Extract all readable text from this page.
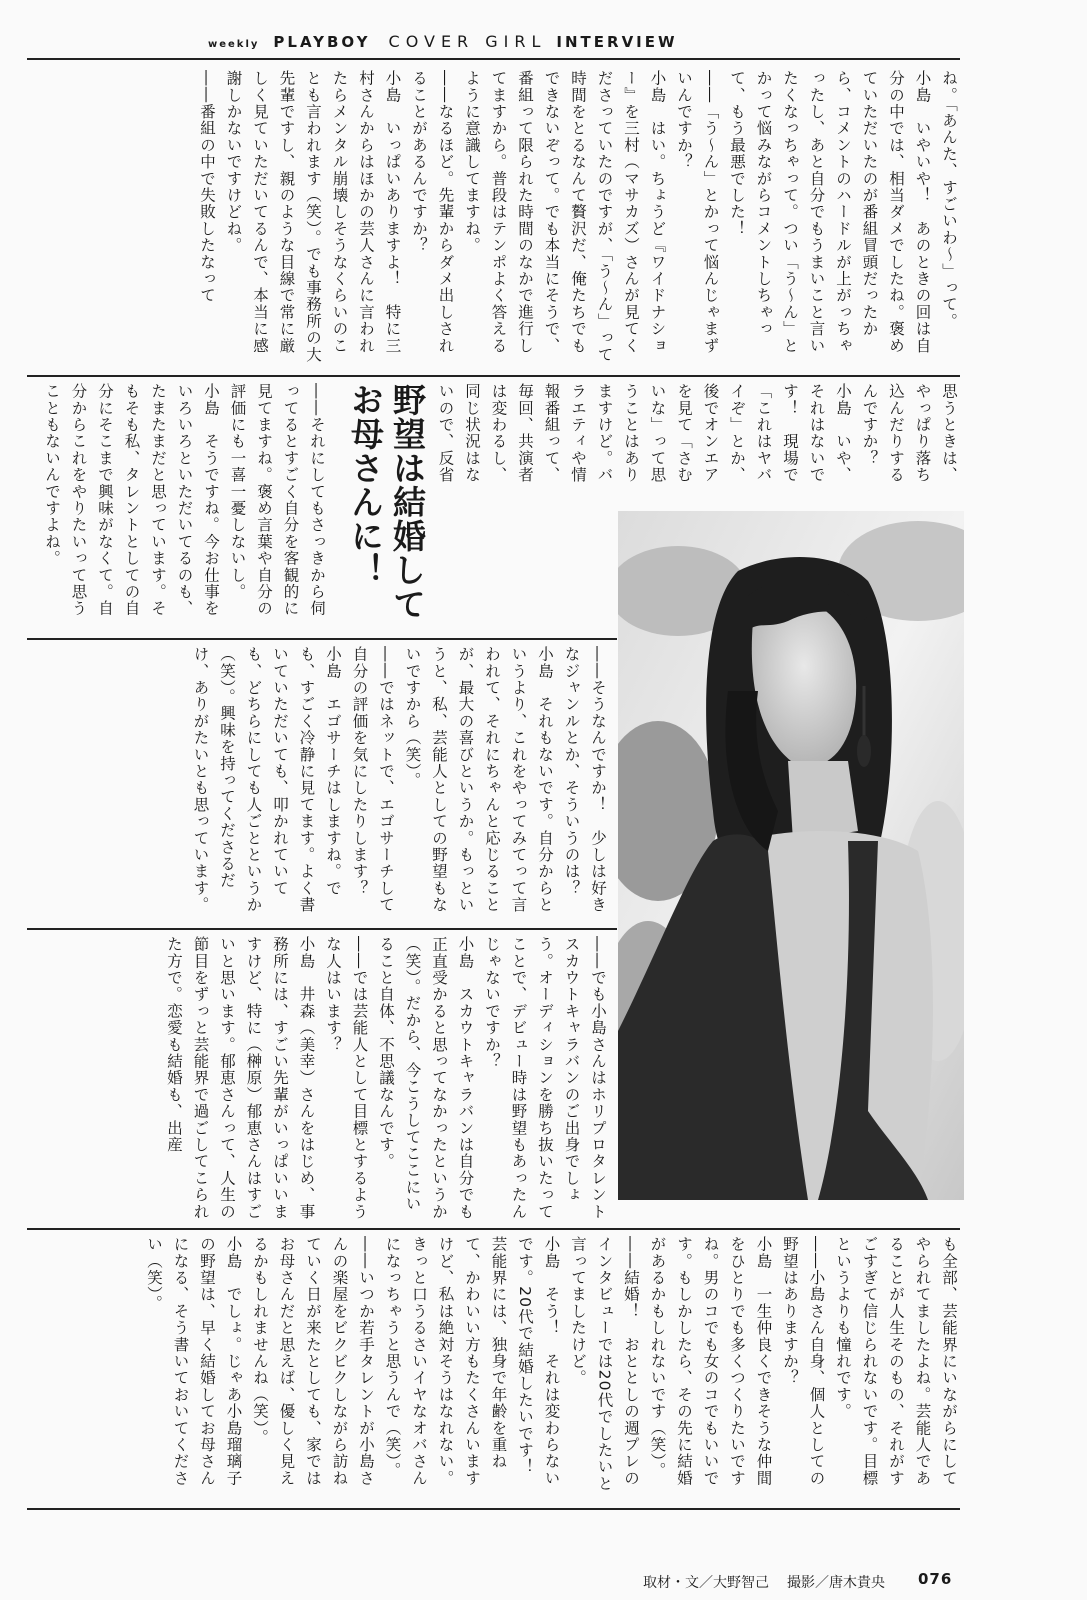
weekly PLAYBOY COVER GIRL INTERVIEW

ね。「あんた、すごいわ～」って。
小島　いやいや！　あのときの回は自分の中では、相当ダメでしたね。褒めていただいたのが番組冒頭だったから、コメントのハードルが上がっちゃったし、あと自分でもうまいこと言いたくなっちゃって。つい「う～ん」とかって悩みながらコメントしちゃって、もう最悪でした！
――「う～ん」とかって悩んじゃまずいんですか？
小島　はい。ちょうど『ワイドナショー』を三村（マサカズ）さんが見てくださっていたのですが、「う～ん」って時間をとるなんて贅沢だ、俺たちでもできないぞって。でも本当にそうで、番組って限られた時間のなかで進行してますから。普段はテンポよく答えるように意識してますね。
――なるほど。先輩からダメ出しされることがあるんですか？
小島　いっぱいありますよ！　特に三村さんからはほかの芸人さんに言われたらメンタル崩壊しそうなくらいのことも言われます（笑）。でも事務所の大先輩ですし、親のような目線で常に厳しく見ていただいてるんで、本当に感謝しかないですけどね。
――番組の中で失敗したなって

思うときは、やっぱり落ち込んだりするんですか？
小島　いや、それはないです！　現場で「これはヤバイぞ」とか、後でオンエアを見て「さむいな」って思うことはありますけど。バラエティや情報番組って、毎回、共演者は変わるし、同じ状況はないので、反省

野望は結婚して
お母さんに！

――それにしてもさっきから伺ってるとすごく自分を客観的に見てますね。褒め言葉や自分の評価にも一喜一憂しないし。
小島　そうですね。今お仕事をいろいろといただいてるのも、たまたまだと思っています。そもそも私、タレントとしての自分にそこまで興味がなくて。自分からこれをやりたいって思うこともないんですよね。

――そうなんですか！　少しは好きなジャンルとか、そういうのは？
小島　それもないです。自分からというより、これをやってみてって言われて、それにちゃんと応じることが、最大の喜びというか。もっというと、私、芸能人としての野望もないですから（笑）。
――ではネットで、エゴサーチして自分の評価を気にしたりします？
小島　エゴサーチはしますね。でも、すごく冷静に見てます。よく書いていただいても、叩かれていても、どちらにしても人ごとというか（笑）。興味を持ってくださるだけ、ありがたいとも思っています。

――でも小島さんはホリプロタレントスカウトキャラバンのご出身でしょう。オーディションを勝ち抜いたってことで、デビュー時は野望もあったんじゃないですか？
小島　スカウトキャラバンは自分でも正直受かると思ってなかったというか（笑）。だから、今こうしてここにいること自体、不思議なんです。
――では芸能人として目標とするような人はいます？
小島　井森（美幸）さんをはじめ、事務所には、すごい先輩がいっぱいいますけど、特に（榊原）郁恵さんはすごいと思います。郁恵さんって、人生の節目をずっと芸能界で過ごしてこられた方で。恋愛も結婚も、出産

も全部、芸能界にいながらにしてやられてましたよね。芸能人であることが人生そのもの、それがすごすぎて信じられないです。目標というよりも憧れです。
――小島さん自身、個人としての野望はありますか？
小島　一生仲良くできそうな仲間をひとりでも多くつくりたいですね。男のコでも女のコでもいいです。もしかしたら、その先に結婚があるかもしれないです（笑）。
――結婚！　おととしの週プレのインタビューでは20代でしたいと言ってましたけど。
小島　そう！　それは変わらないです。20代で結婚したいです！　芸能界には、独身で年齢を重ねて、かわいい方もたくさんいますけど、私は絶対そうはなれない。きっと口うるさいイヤなオバさんになっちゃうと思うんで（笑）。
――いつか若手タレントが小島さんの楽屋をビクビクしながら訪ねていく日が来たとしても、家ではお母さんだと思えば、優しく見えるかもしれませんね（笑）。
小島　でしょ。じゃあ小島瑠璃子の野望は、早く結婚してお母さんになる、そう書いておいてください（笑）。

取材・文／大野智己 撮影／唐木貴央	076
